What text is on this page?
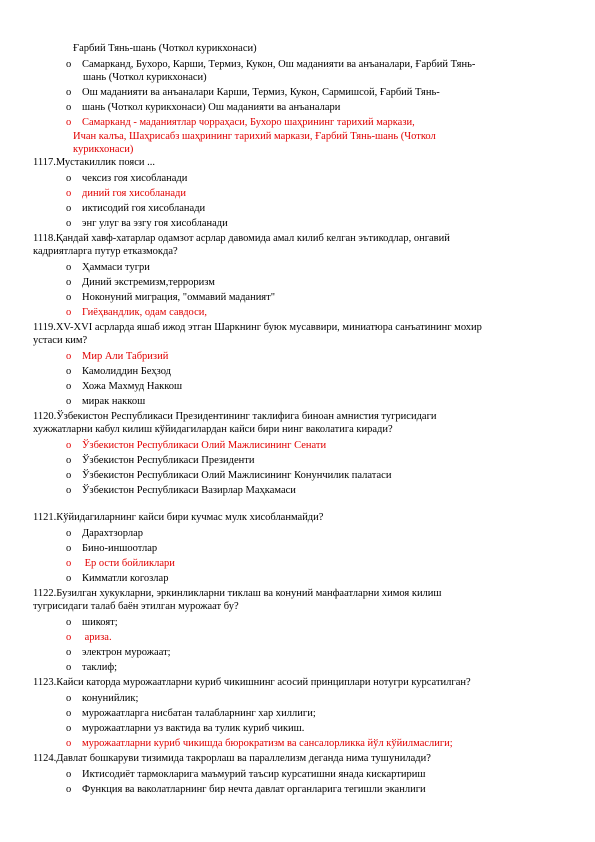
Ғарбий Тянь-шань (Чоткол курикхонаси)
o Самарканд, Бухоро, Карши, Термиз, Кукон, Ош маданияти ва анъаналари, Ғарбий Тянь-
шань (Чоткол курикхонаси)
o Ош маданияти ва анъаналари Карши, Термиз, Кукон, Сармишсой, Ғарбий Тянь-
o шань (Чоткол курикхонаси) Ош маданияти ва анъаналари
o Самарканд - маданиятлар чорраҳаси, Бухоро шаҳрининг тарихий маркази,
Ичан калъа, Шаҳрисабз шаҳрининг тарихий маркази, Ғарбий Тянь-шань (Чоткол
курикхонаси)
1117.Мустакиллик пояси ...
o чексиз гоя хисобланади
o диний гоя хисобланади
o иктисодий гоя хисобланади
o энг улуг ва эзгу гоя хисобланади
1118.Қандай хавф-хатарлар одамзот асрлар давомида амал килиб келган эътикодлар, онгавий
кадриятларга путур етказмокда?
o Ҳаммаси тугри
o Диний экстремизм,терроризм
o Ноконуний миграция, "оммавий маданият"
o Гиёҳвандлик, одам савдоси,
1119.XV-XVI асрларда яшаб ижод этган Шаркнинг буюк мусаввири, миниатюра санъатининг мохир
устаси ким?
o Мир Али Табризий
o Камолиддин Беҳзод
o Хожа Махмуд Наккош
o мирак наккош
1120.Ўзбекистон Республикаси Президентининг таклифига биноан амнистия тугрисидаги
хужжатларни кабул килиш кўйидагилардан кайси бири нинг ваколатига киради?
o Ўзбекистон Республикаси Олий Мажлисининг Сенати
o Ўзбекистон Республикаси Президенти
o Ўзбекистон Республикаси Олий Мажлисининг Конунчилик палатаси
o Ўзбекистон Республикаси Вазирлар Маҳкамаси
1121.Кўйидагиларнинг кайси бири кучмас мулк хисобланмайди?
o Дарахтзорлар
o Бино-иншоотлар
o Ер ости бойликлари
o Кимматли когозлар
1122.Бузилган хукукларни, эркинликларни тиклаш ва конуний манфаатларни химоя килиш
тугрисидаги талаб баён этилган мурожаат бу?
o шикоят;
o ариза.
o электрон мурожаат;
o таклиф;
1123.Кайси каторда мурожаатларни куриб чикишнинг асосий принциплари нотугри курсатилган?
o конунийлик;
o мурожаатларга нисбатан талабларнинг хар хиллиги;
o мурожаатларни уз вактида ва тулик куриб чикиш.
o мурожаатларни куриб чикишда бюрократизм ва сансалорликка йўл кўйилмаслиги;
1124.Давлат бошкаруви тизимида такрорлаш ва параллелизм деганда нима тушунилади?
o Иктисодиёт тармокларига маъмурий таъсир курсатишни янада кискартириш
o Функция ва ваколатларнинг бир нечта давлат органларига тегишли эканлиги
